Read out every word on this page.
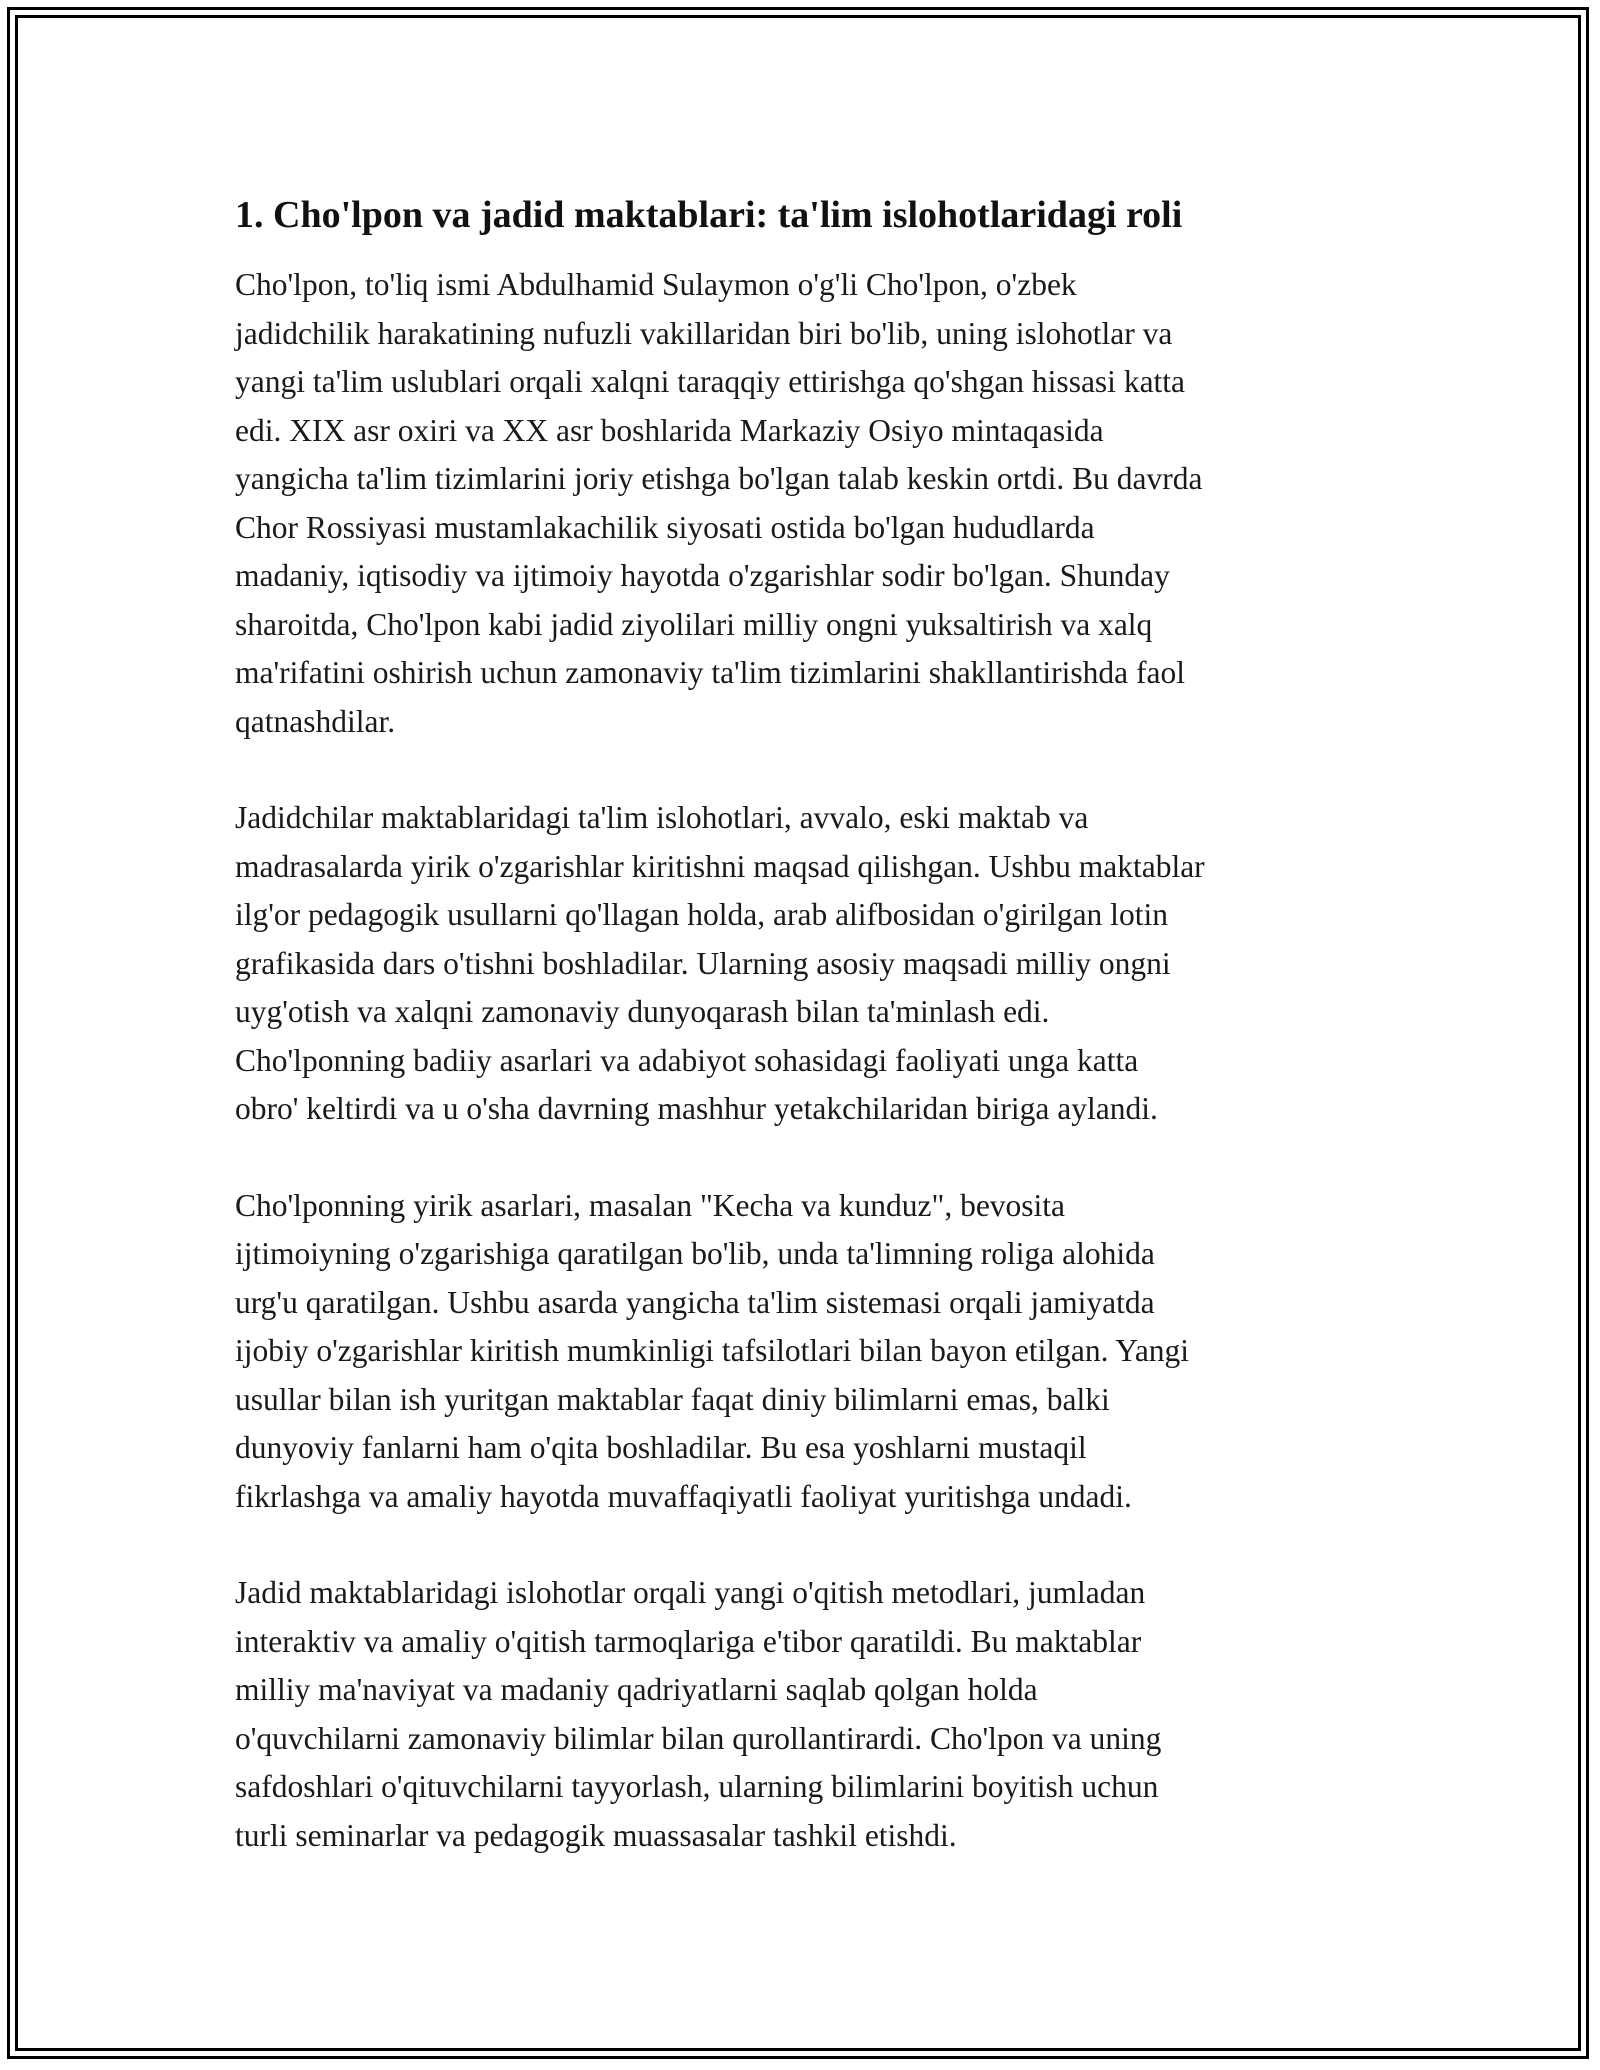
1. Cho'lpon va jadid maktablari: ta'lim islohotlaridagi roli

Cho'lpon, to'liq ismi Abdulhamid Sulaymon o'g'li Cho'lpon, o'zbek
jadidchilik harakatining nufuzli vakillaridan biri bo'lib, uning islohotlar va
yangi ta'lim uslublari orqali xalqni taraqqiy ettirishga qo'shgan hissasi katta
edi. XIX asr oxiri va XX asr boshlarida Markaziy Osiyo mintaqasida
yangicha ta'lim tizimlarini joriy etishga bo'lgan talab keskin ortdi. Bu davrda
Chor Rossiyasi mustamlakachilik siyosati ostida bo'lgan hududlarda
madaniy, iqtisodiy va ijtimoiy hayotda o'zgarishlar sodir bo'lgan. Shunday
sharoitda, Cho'lpon kabi jadid ziyolilari milliy ongni yuksaltirish va xalq
ma'rifatini oshirish uchun zamonaviy ta'lim tizimlarini shakllantirishda faol
qatnashdilar.

Jadidchilar maktablaridagi ta'lim islohotlari, avvalo, eski maktab va
madrasalarda yirik o'zgarishlar kiritishni maqsad qilishgan. Ushbu maktablar
ilg'or pedagogik usullarni qo'llagan holda, arab alifbosidan o'girilgan lotin
grafikasida dars o'tishni boshladilar. Ularning asosiy maqsadi milliy ongni
uyg'otish va xalqni zamonaviy dunyoqarash bilan ta'minlash edi.
Cho'lponning badiiy asarlari va adabiyot sohasidagi faoliyati unga katta
obro' keltirdi va u o'sha davrning mashhur yetakchilaridan biriga aylandi.

Cho'lponning yirik asarlari, masalan "Kecha va kunduz", bevosita
ijtimoiyning o'zgarishiga qaratilgan bo'lib, unda ta'limning roliga alohida
urg'u qaratilgan. Ushbu asarda yangicha ta'lim sistemasi orqali jamiyatda
ijobiy o'zgarishlar kiritish mumkinligi tafsilotlari bilan bayon etilgan. Yangi
usullar bilan ish yuritgan maktablar faqat diniy bilimlarni emas, balki
dunyoviy fanlarni ham o'qita boshladilar. Bu esa yoshlarni mustaqil
fikrlashga va amaliy hayotda muvaffaqiyatli faoliyat yuritishga undadi.

Jadid maktablaridagi islohotlar orqali yangi o'qitish metodlari, jumladan
interaktiv va amaliy o'qitish tarmoqlariga e'tibor qaratildi. Bu maktablar
milliy ma'naviyat va madaniy qadriyatlarni saqlab qolgan holda
o'quvchilarni zamonaviy bilimlar bilan qurollantirardi. Cho'lpon va uning
safdoshlari o'qituvchilarni tayyorlash, ularning bilimlarini boyitish uchun
turli seminarlar va pedagogik muassasalar tashkil etishdi.
